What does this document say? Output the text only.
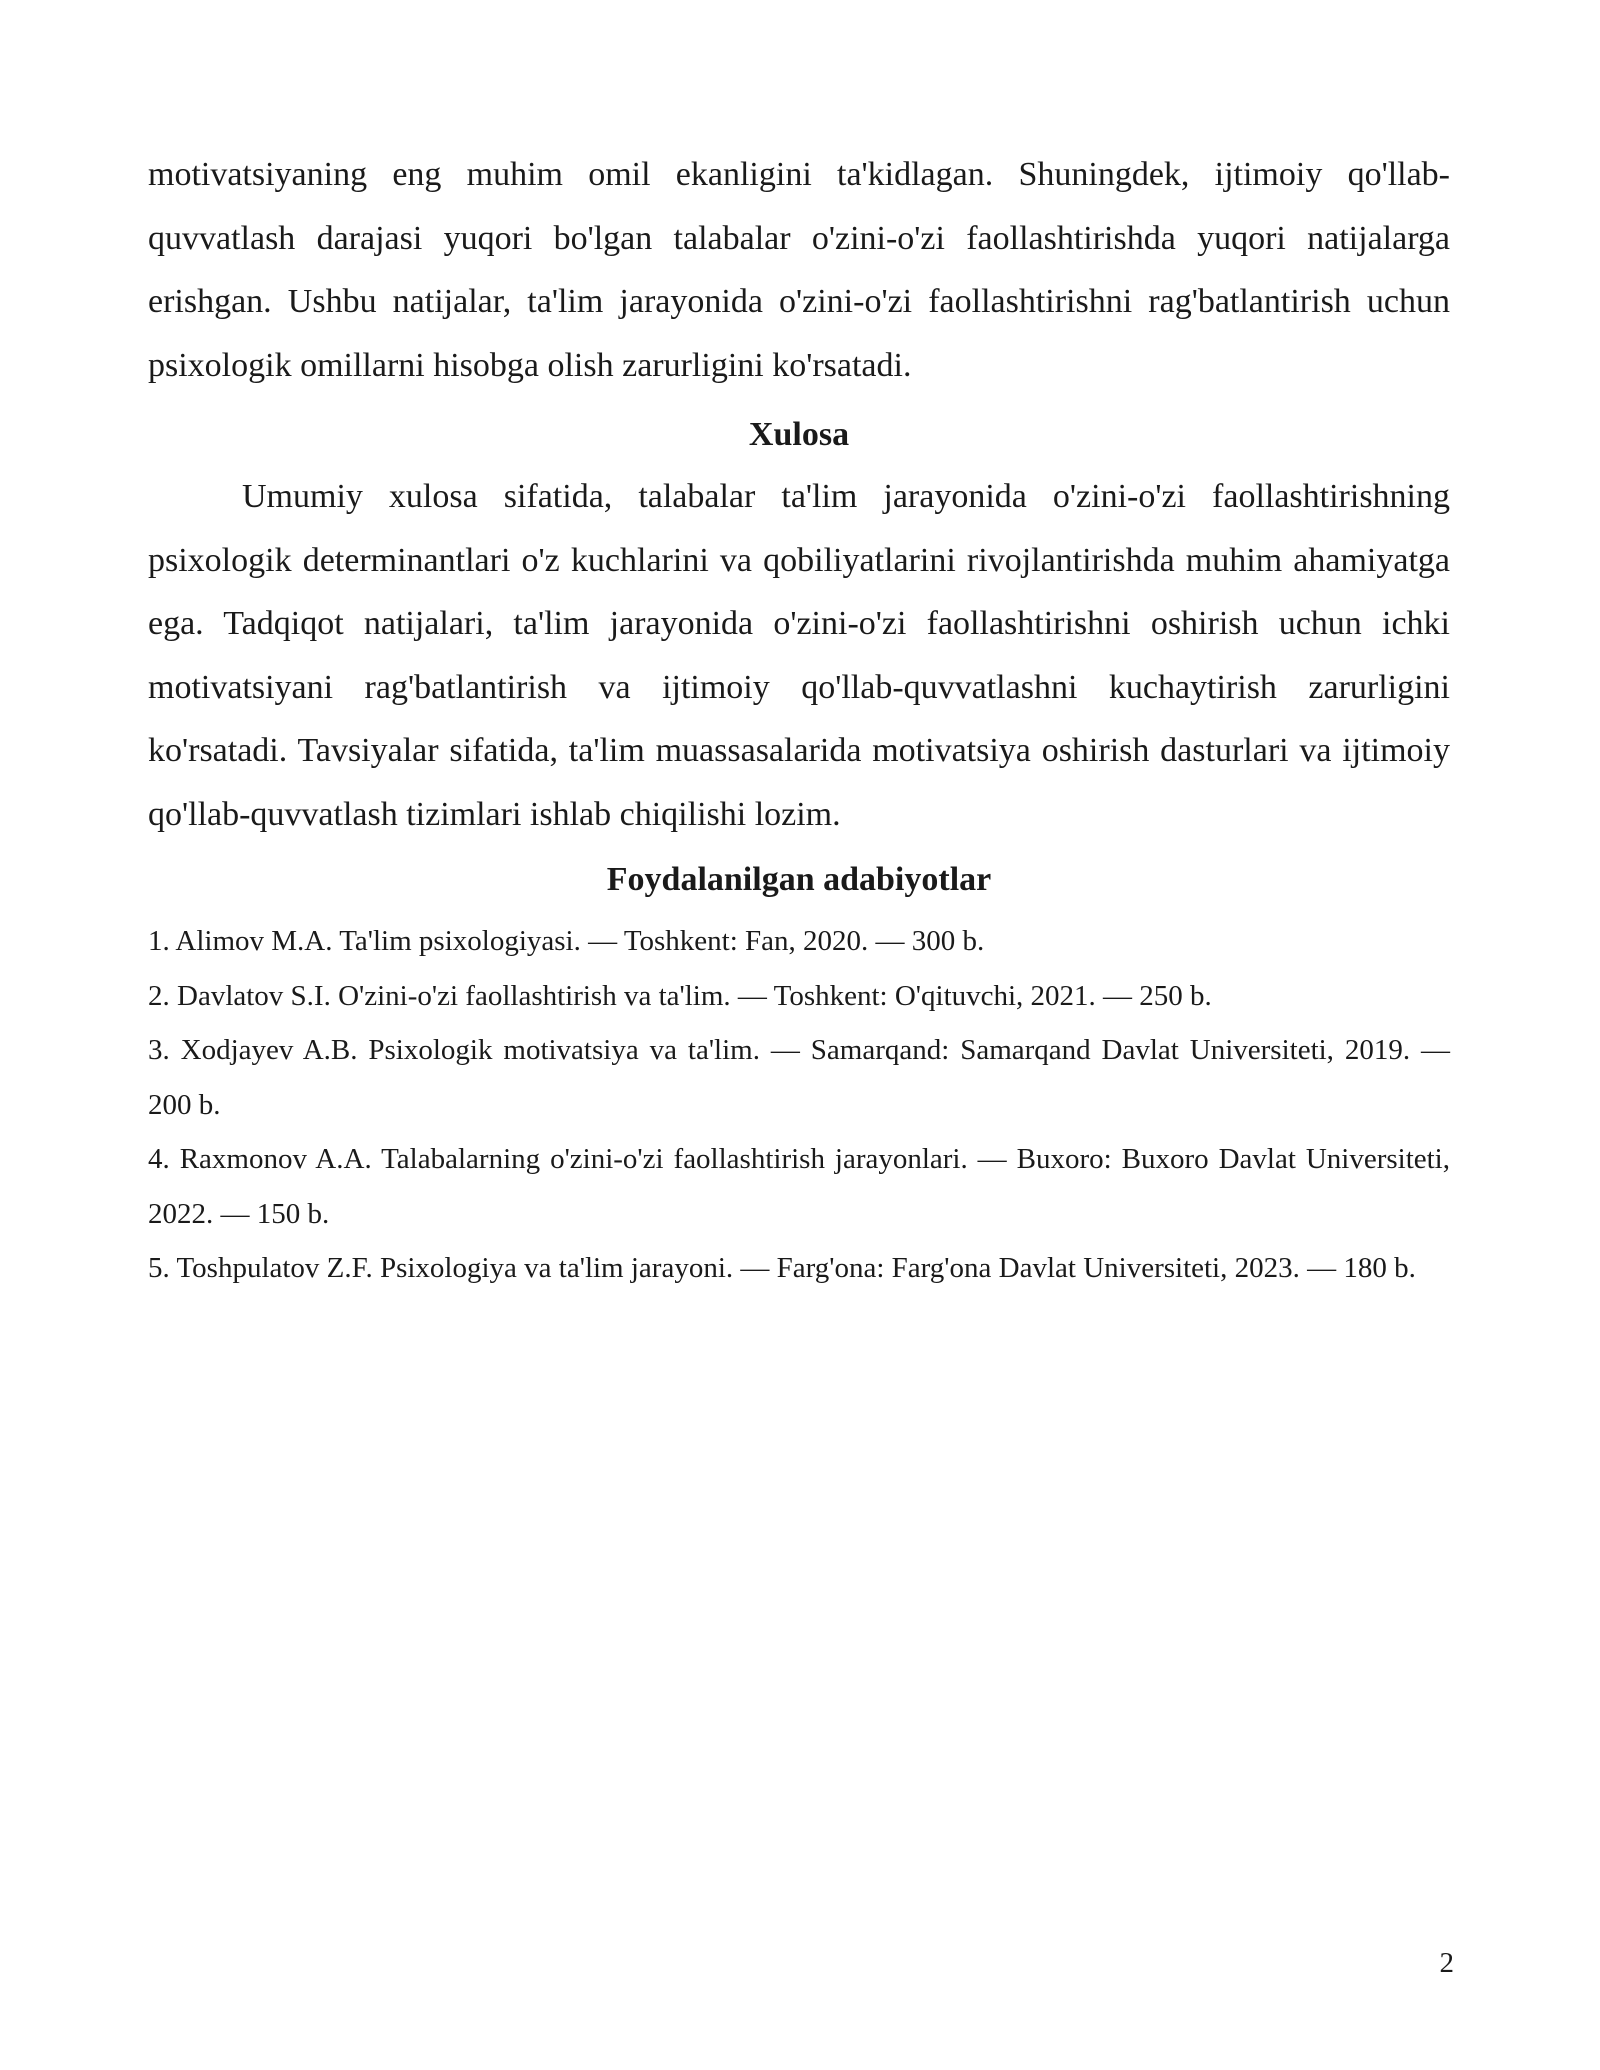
motivatsiyaning eng muhim omil ekanligini ta'kidlagan. Shuningdek, ijtimoiy qo'llab-quvvatlash darajasi yuqori bo'lgan talabalar o'zini-o'zi faollashtirishda yuqori natijalarga erishgan. Ushbu natijalar, ta'lim jarayonida o'zini-o'zi faollashtirishni rag'batlantirish uchun psixologik omillarni hisobga olish zarurligini ko'rsatadi.

Xulosa

Umumiy xulosa sifatida, talabalar ta'lim jarayonida o'zini-o'zi faollashtirishning psixologik determinantlari o'z kuchlarini va qobiliyatlarini rivojlantirishda muhim ahamiyatga ega. Tadqiqot natijalari, ta'lim jarayonida o'zini-o'zi faollashtirishni oshirish uchun ichki motivatsiyani rag'batlantirish va ijtimoiy qo'llab-quvvatlashni kuchaytirish zarurligini ko'rsatadi. Tavsiyalar sifatida, ta'lim muassasalarida motivatsiya oshirish dasturlari va ijtimoiy qo'llab-quvvatlash tizimlari ishlab chiqilishi lozim.

Foydalanilgan adabiyotlar
1. Alimov M.A. Ta'lim psixologiyasi. — Toshkent: Fan, 2020. — 300 b.
2. Davlatov S.I. O'zini-o'zi faollashtirish va ta'lim. — Toshkent: O'qituvchi, 2021. — 250 b.
3. Xodjayev A.B. Psixologik motivatsiya va ta'lim. — Samarqand: Samarqand Davlat Universiteti, 2019. — 200 b.
4. Raxmonov A.A. Talabalarning o'zini-o'zi faollashtirish jarayonlari. — Buxoro: Buxoro Davlat Universiteti, 2022. — 150 b.
5. Toshpulatov Z.F. Psixologiya va ta'lim jarayoni. — Farg'ona: Farg'ona Davlat Universiteti, 2023. — 180 b.
2
